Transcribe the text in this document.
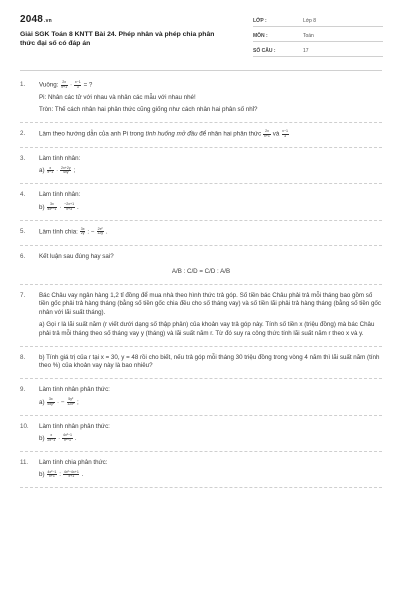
2048.vn
Giải SGK Toán 8 KNTT Bài 24. Phép nhân và phép chia phân thức đại số có đáp án
LỚP :	Lớp 8
MÔN :	Toán
SỐ CÂU :	17
1. Vuông: $\frac{2x}{x+1} \cdot \frac{x-1}{3}$ = ?
Pi: Nhân các tử với nhau và nhân các mẫu với nhau nhé!
Tròn: Thế cách nhân hai phân thức cũng giống như cách nhân hai phân số nhỉ?
2. Làm theo hướng dẫn của anh Pi trong tình huống mở đầu để nhân hai phân thức $\frac{2x}{x+1}$ và $\frac{x-1}{3}$
3. Làm tính nhân:
$a) \frac{x}{x-1} \cdot \frac{2x+2y}{4xy}$ ;
4. Làm tính nhân:
$b) \frac{3x}{\text{4x²−1}} \cdot \frac{-2x+1}{x+3}$ .
5. Làm tính chia: $\frac{3x}{2y}$ : − $\frac{\text{2x²}}{12y}$ .
6. Kết luận sau đúng hay sai?
A/B : C/D = C/D : A/B
7. Bác Châu vay ngân hàng 1,2 tỉ đồng để mua nhà theo hình thức trả góp. Số tiền bác Châu phải trả mỗi tháng bao gồm số tiền gốc phải trả hàng tháng (bằng số tiền gốc chia đều cho số tháng vay) và số tiền lãi phải trả hàng tháng (bằng số tiền gốc nhân với lãi suất tháng).
a) Gọi r là lãi suất năm (r viết dưới dạng số thập phân) của khoản vay trả góp này. Tính số tiền x (triệu đồng) mà bác Châu phải trả mỗi tháng theo số tháng vay y (tháng) và lãi suất năm r. Từ đó suy ra công thức tính lãi suất năm r theo x và y.
8. b) Tính giá trị của r tại x = 30, y = 48 rồi cho biết, nếu trả góp mỗi tháng 30 triệu đồng trong vòng 4 năm thì lãi suất năm (tính theo %) của khoản vay này là bao nhiêu?
9. Làm tính nhân phân thức:
$a) \frac{3x}{\text{5xy²}}$ · − $\frac{\text{5y²}}{\text{12x³}}$ ;
10. Làm tính nhân phân thức:
$b) \frac{x}{2x-1} \cdot \frac{\text{4x²−1}}{\text{x²−1}}$ .
11. Làm tính chia phân thức:
$b) \frac{\text{4x²−1}}{x+1}$ : $\frac{\text{4x²−4x+1}}{x+1}$ .
